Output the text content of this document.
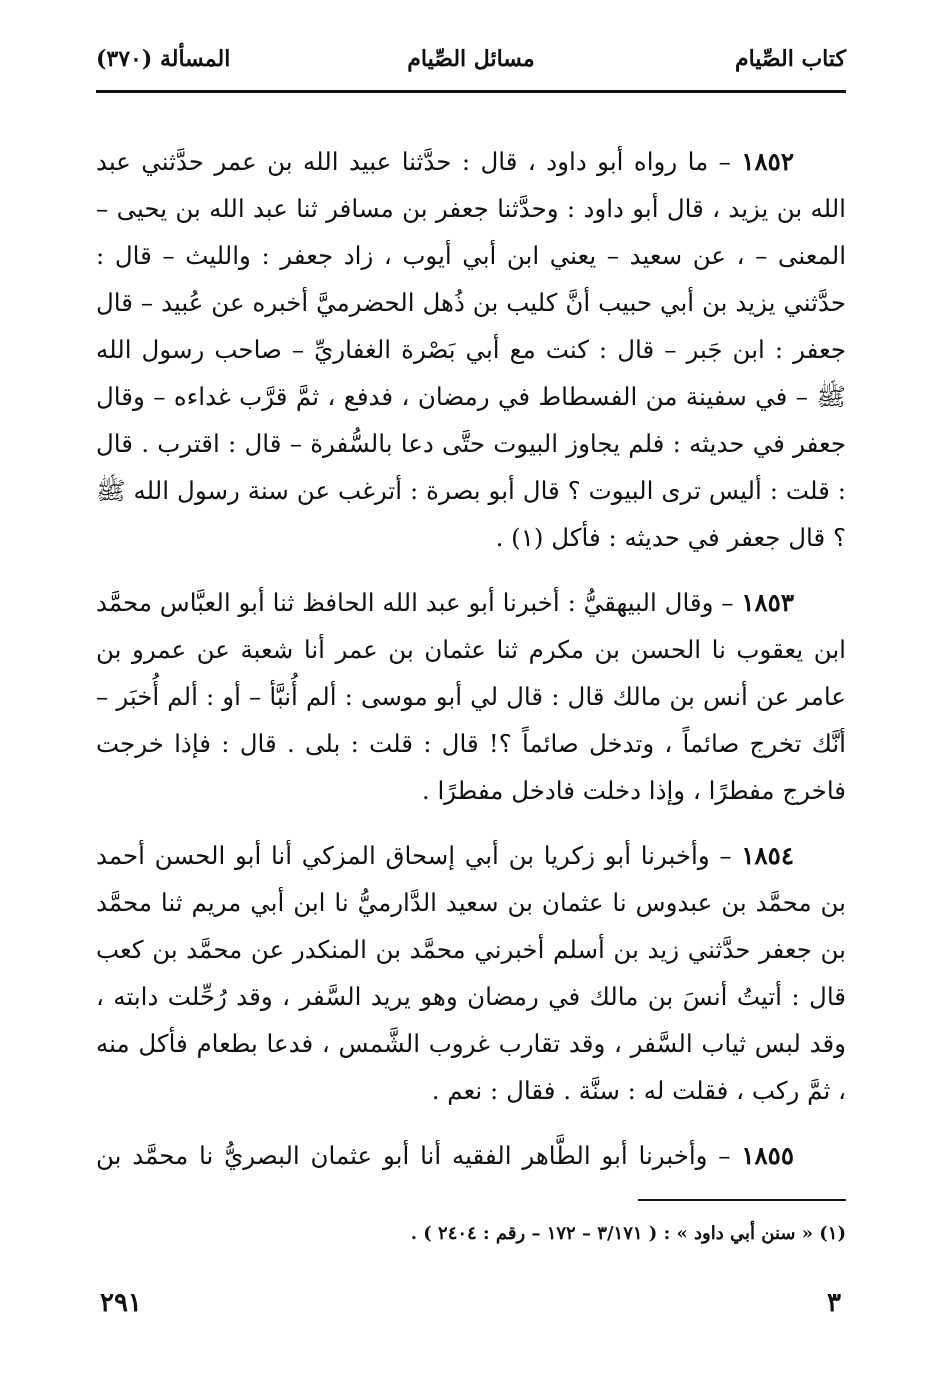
كتاب الصِّيام
مسائل الصِّيام
المسألة (٣٧٠)

١٨٥٢ – ما رواه أبو داود ، قال : حدَّثنا عبيد الله بن عمر حدَّثني عبد الله بن يزيد ، قال أبو داود : وحدَّثنا جعفر بن مسافر ثنا عبد الله بن يحيى – المعنى – ، عن سعيد – يعني ابن أبي أيوب ، زاد جعفر : والليث – قال : حدَّثني يزيد بن أبي حبيب أنَّ كليب بن ذُهل الحضرميَّ أخبره عن عُبيد – قال جعفر : ابن جَبر – قال : كنت مع أبي بَصْرة الغفاريِّ – صاحب رسول الله ﷺ – في سفينة من الفسطاط في رمضان ، فدفع ، ثمَّ قرَّب غداءه – وقال جعفر في حديثه : فلم يجاوز البيوت حتَّى دعا بالسُّفرة – قال : اقترب . قال : قلت : أليس ترى البيوت ؟ قال أبو بصرة : أترغب عن سنة رسول الله ﷺ ؟ قال جعفر في حديثه : فأكل (١) .

١٨٥٣ – وقال البيهقيُّ : أخبرنا أبو عبد الله الحافظ ثنا أبو العبَّاس محمَّد ابن يعقوب نا الحسن بن مكرم ثنا عثمان بن عمر أنا شعبة عن عمرو بن عامر عن أنس بن مالك قال : قال لي أبو موسى : ألم أُنبَّأ – أو : ألم أُخبَر – أنَّك تخرج صائماً ، وتدخل صائماً ؟! قال : قلت : بلى . قال : فإذا خرجت فاخرج مفطرًا ، وإذا دخلت فادخل مفطرًا .

١٨٥٤ – وأخبرنا أبو زكريا بن أبي إسحاق المزكي أنا أبو الحسن أحمد بن محمَّد بن عبدوس نا عثمان بن سعيد الدَّارميُّ نا ابن أبي مريم ثنا محمَّد بن جعفر حدَّثني زيد بن أسلم أخبرني محمَّد بن المنكدر عن محمَّد بن كعب قال : أتيتُ أنسَ بن مالك في رمضان وهو يريد السَّفر ، وقد رُحِّلت دابته ، وقد لبس ثياب السَّفر ، وقد تقارب غروب الشَّمس ، فدعا بطعام فأكل منه ، ثمَّ ركب ، فقلت له : سنَّة . فقال : نعم .

١٨٥٥ – وأخبرنا أبو الطَّاهر الفقيه أنا أبو عثمان البصريُّ نا محمَّد بن

(١) « سنن أبي داود » : ( ٣/١٧١ – ١٧٢ – رقم : ٢٤٠٤ ) .
٣
٢٩١
